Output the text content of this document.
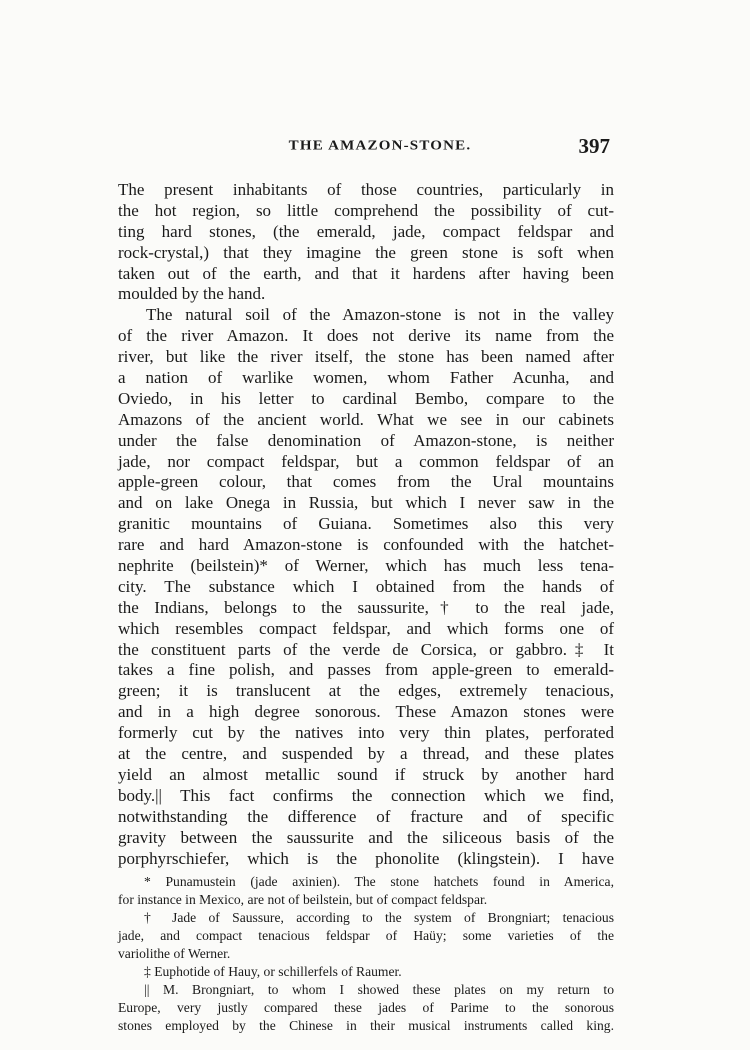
THE AMAZON-STONE.	397
The present inhabitants of those countries, particularly in
the hot region, so little comprehend the possibility of cut-
ting hard stones, (the emerald, jade, compact feldspar and
rock-crystal,) that they imagine the green stone is soft when
taken out of the earth, and that it hardens after having been
moulded by the hand.
The natural soil of the Amazon-stone is not in the valley
of the river Amazon. It does not derive its name from the
river, but like the river itself, the stone has been named after
a nation of warlike women, whom Father Acunha, and
Oviedo, in his letter to cardinal Bembo, compare to the
Amazons of the ancient world. What we see in our cabinets
under the false denomination of Amazon-stone, is neither
jade, nor compact feldspar, but a common feldspar of an
apple-green colour, that comes from the Ural mountains
and on lake Onega in Russia, but which I never saw in the
granitic mountains of Guiana. Sometimes also this very
rare and hard Amazon-stone is confounded with the hatchet-
nephrite (beilstein)* of Werner, which has much less tena-
city. The substance which I obtained from the hands of
the Indians, belongs to the saussurite,† to the real jade,
which resembles compact feldspar, and which forms one of
the constituent parts of the verde de Corsica, or gabbro.‡ It
takes a fine polish, and passes from apple-green to emerald-
green; it is translucent at the edges, extremely tenacious,
and in a high degree sonorous. These Amazon stones were
formerly cut by the natives into very thin plates, perforated
at the centre, and suspended by a thread, and these plates
yield an almost metallic sound if struck by another hard
body.|| This fact confirms the connection which we find,
notwithstanding the difference of fracture and of specific
gravity between the saussurite and the siliceous basis of the
porphyrschiefer, which is the phonolite (klingstein). I have
* Punamustein (jade axinien). The stone hatchets found in America,
for instance in Mexico, are not of beilstein, but of compact feldspar.
† Jade of Saussure, according to the system of Brongniart; tenacious
jade, and compact tenacious feldspar of Haüy; some varieties of the
variolithe of Werner.
‡ Euphotide of Hauy, or schillerfels of Raumer.
|| M. Brongniart, to whom I showed these plates on my return to
Europe, very justly compared these jades of Parime to the sonorous
stones employed by the Chinese in their musical instruments called king.
